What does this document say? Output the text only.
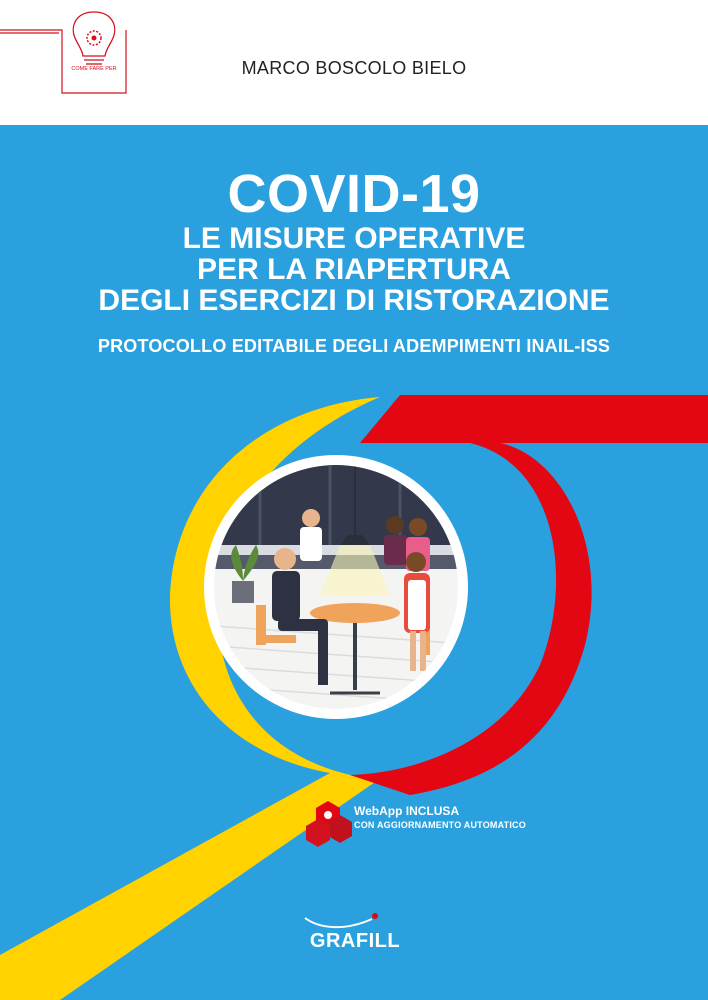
COME FARE PER	MARCO BOSCOLO BIELO
COVID-19
LE MISURE OPERATIVE
PER LA RIAPERTURA
DEGLI ESERCIZI DI RISTORAZIONE
PROTOCOLLO EDITABILE DEGLI ADEMPIMENTI INAIL-ISS
WebApp INCLUSA
CON AGGIORNAMENTO AUTOMATICO
GRAFILL
